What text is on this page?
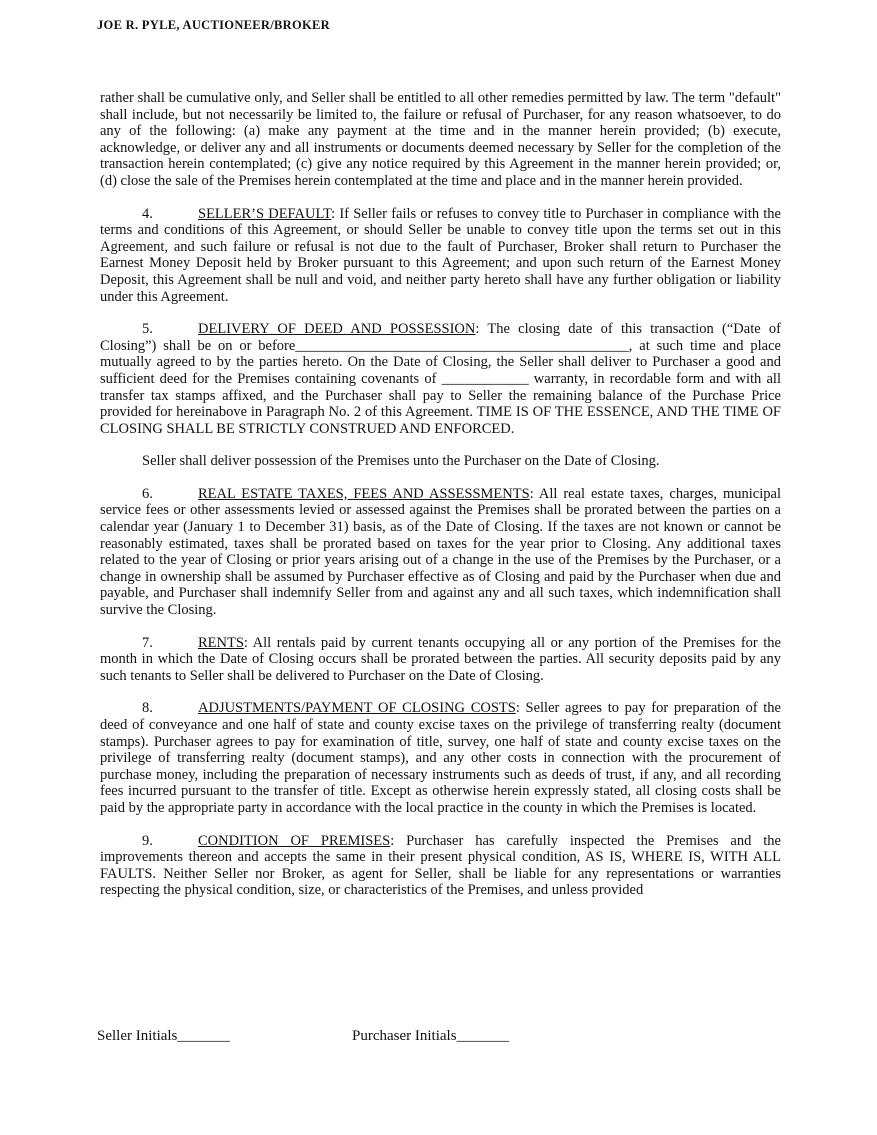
JOE R. PYLE, AUCTIONEER/BROKER

rather shall be cumulative only, and Seller shall be entitled to all other remedies permitted by law. The term "default" shall include, but not necessarily be limited to, the failure or refusal of Purchaser, for any reason whatsoever, to do any of the following: (a) make any payment at the time and in the manner herein provided; (b) execute, acknowledge, or deliver any and all instruments or documents deemed necessary by Seller for the completion of the transaction herein contemplated; (c) give any notice required by this Agreement in the manner herein provided; or, (d) close the sale of the Premises herein contemplated at the time and place and in the manner herein provided.

4.	SELLER’S DEFAULT: If Seller fails or refuses to convey title to Purchaser in compliance with the terms and conditions of this Agreement, or should Seller be unable to convey title upon the terms set out in this Agreement, and such failure or refusal is not due to the fault of Purchaser, Broker shall return to Purchaser the Earnest Money Deposit held by Broker pursuant to this Agreement; and upon such return of the Earnest Money Deposit, this Agreement shall be null and void, and neither party hereto shall have any further obligation or liability under this Agreement.

5.	DELIVERY OF DEED AND POSSESSION: The closing date of this transaction (“Date of Closing”) shall be on or before______________________________________________, at such time and place mutually agreed to by the parties hereto. On the Date of Closing, the Seller shall deliver to Purchaser a good and sufficient deed for the Premises containing covenants of ____________ warranty, in recordable form and with all transfer tax stamps affixed, and the Purchaser shall pay to Seller the remaining balance of the Purchase Price provided for hereinabove in Paragraph No. 2 of this Agreement. TIME IS OF THE ESSENCE, AND THE TIME OF CLOSING SHALL BE STRICTLY CONSTRUED AND ENFORCED.

Seller shall deliver possession of the Premises unto the Purchaser on the Date of Closing.

6.	REAL ESTATE TAXES, FEES AND ASSESSMENTS: All real estate taxes, charges, municipal service fees or other assessments levied or assessed against the Premises shall be prorated between the parties on a calendar year (January 1 to December 31) basis, as of the Date of Closing. If the taxes are not known or cannot be reasonably estimated, taxes shall be prorated based on taxes for the year prior to Closing. Any additional taxes related to the year of Closing or prior years arising out of a change in the use of the Premises by the Purchaser, or a change in ownership shall be assumed by Purchaser effective as of Closing and paid by the Purchaser when due and payable, and Purchaser shall indemnify Seller from and against any and all such taxes, which indemnification shall survive the Closing.

7.	RENTS: All rentals paid by current tenants occupying all or any portion of the Premises for the month in which the Date of Closing occurs shall be prorated between the parties. All security deposits paid by any such tenants to Seller shall be delivered to Purchaser on the Date of Closing.

8.	ADJUSTMENTS/PAYMENT OF CLOSING COSTS: Seller agrees to pay for preparation of the deed of conveyance and one half of state and county excise taxes on the privilege of transferring realty (document stamps). Purchaser agrees to pay for examination of title, survey, one half of state and county excise taxes on the privilege of transferring realty (document stamps), and any other costs in connection with the procurement of purchase money, including the preparation of necessary instruments such as deeds of trust, if any, and all recording fees incurred pursuant to the transfer of title. Except as otherwise herein expressly stated, all closing costs shall be paid by the appropriate party in accordance with the local practice in the county in which the Premises is located.

9.	CONDITION OF PREMISES: Purchaser has carefully inspected the Premises and the improvements thereon and accepts the same in their present physical condition, AS IS, WHERE IS, WITH ALL FAULTS. Neither Seller nor Broker, as agent for Seller, shall be liable for any representations or warranties respecting the physical condition, size, or characteristics of the Premises, and unless provided

Seller Initials_______	Purchaser Initials_______
